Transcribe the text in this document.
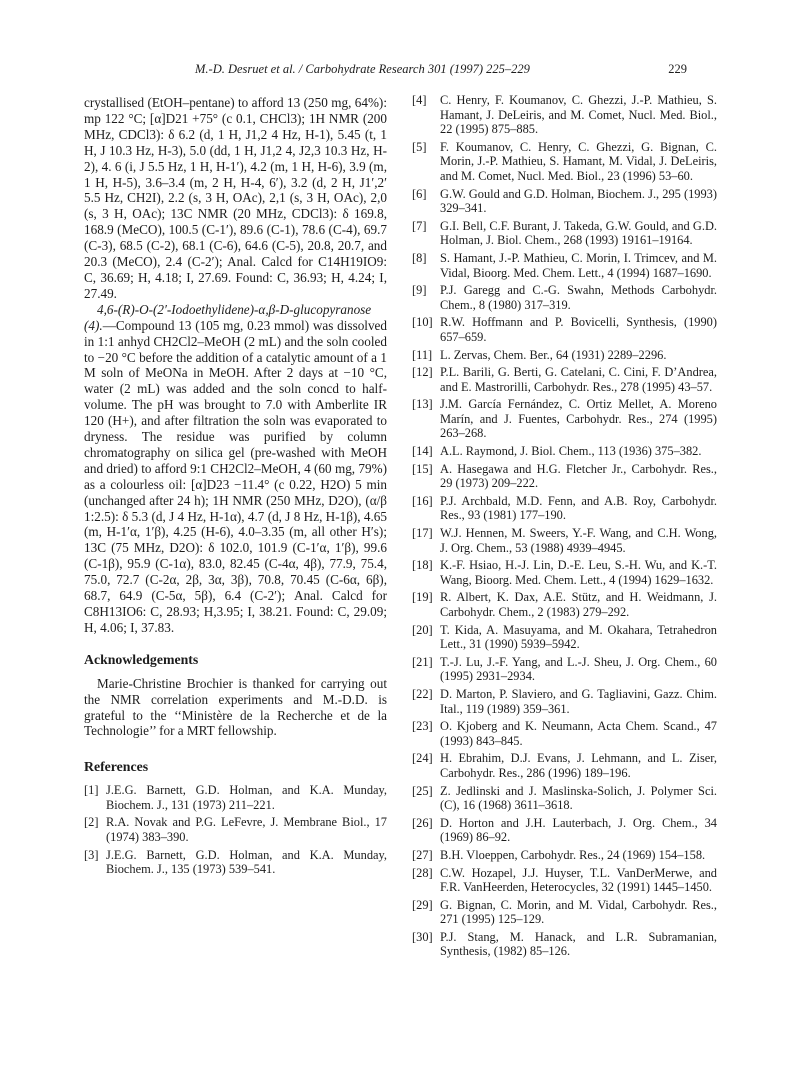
M.-D. Desruet et al. / Carbohydrate Research 301 (1997) 225–229	229

crystallised (EtOH–pentane) to afford 13 (250 mg, 64%): mp 122 °C; [α]D21 +75° (c 0.1, CHCl3); 1H NMR (200 MHz, CDCl3): δ 6.2 (d, 1 H, J1,2 4 Hz, H-1), 5.45 (t, 1 H, J 10.3 Hz, H-3), 5.0 (dd, 1 H, J1,2 4, J2,3 10.3 Hz, H-2), 4. 6 (i, J 5.5 Hz, 1 H, H-1′), 4.2 (m, 1 H, H-6), 3.9 (m, 1 H, H-5), 3.6–3.4 (m, 2 H, H-4, 6′), 3.2 (d, 2 H, J1′,2′ 5.5 Hz, CH2I), 2.2 (s, 3 H, OAc), 2,1 (s, 3 H, OAc), 2,0 (s, 3 H, OAc); 13C NMR (20 MHz, CDCl3): δ 169.8, 168.9 (MeCO), 100.5 (C-1′), 89.6 (C-1), 78.6 (C-4), 69.7 (C-3), 68.5 (C-2), 68.1 (C-6), 64.6 (C-5), 20.8, 20.7, and 20.3 (MeCO), 2.4 (C-2′); Anal. Calcd for C14H19IO9: C, 36.69; H, 4.18; I, 27.69. Found: C, 36.93; H, 4.24; I, 27.49.

4,6-(R)-O-(2′-Iodoethylidene)-α,β-D-glucopyranose (4).—Compound 13 (105 mg, 0.23 mmol) was dissolved in 1:1 anhyd CH2Cl2–MeOH (2 mL) and the soln cooled to −20 °C before the addition of a catalytic amount of a 1 M soln of MeONa in MeOH. After 2 days at −10 °C, water (2 mL) was added and the soln concd to half-volume. The pH was brought to 7.0 with Amberlite IR 120 (H+), and after filtration the soln was evaporated to dryness. The residue was purified by column chromatography on silica gel (pre-washed with MeOH and dried) to afford 9:1 CH2Cl2–MeOH, 4 (60 mg, 79%) as a colourless oil: [α]D23 −11.4° (c 0.22, H2O) 5 min (unchanged after 24 h); 1H NMR (250 MHz, D2O), (α/β 1:2.5): δ 5.3 (d, J 4 Hz, H-1α), 4.7 (d, J 8 Hz, H-1β), 4.65 (m, H-1′α, 1′β), 4.25 (H-6), 4.0–3.35 (m, all other H′s); 13C (75 MHz, D2O): δ 102.0, 101.9 (C-1′α, 1′β), 99.6 (C-1β), 95.9 (C-1α), 83.0, 82.45 (C-4α, 4β), 77.9, 75.4, 75.0, 72.7 (C-2α, 2β, 3α, 3β), 70.8, 70.45 (C-6α, 6β), 68.7, 64.9 (C-5α, 5β), 6.4 (C-2′); Anal. Calcd for C8H13IO6: C, 28.93; H,3.95; I, 38.21. Found: C, 29.09; H, 4.06; I, 37.83.

Acknowledgements

Marie-Christine Brochier is thanked for carrying out the NMR correlation experiments and M.-D.D. is grateful to the ‘‘Ministère de la Recherche et de la Technologie’’ for a MRT fellowship.

References

[1] J.E.G. Barnett, G.D. Holman, and K.A. Munday, Biochem. J., 131 (1973) 211–221.
[2] R.A. Novak and P.G. LeFevre, J. Membrane Biol., 17 (1974) 383–390.
[3] J.E.G. Barnett, G.D. Holman, and K.A. Munday, Biochem. J., 135 (1973) 539–541.
[4] C. Henry, F. Koumanov, C. Ghezzi, J.-P. Mathieu, S. Hamant, J. DeLeiris, and M. Comet, Nucl. Med. Biol., 22 (1995) 875–885.
[5] F. Koumanov, C. Henry, C. Ghezzi, G. Bignan, C. Morin, J.-P. Mathieu, S. Hamant, M. Vidal, J. DeLeiris, and M. Comet, Nucl. Med. Biol., 23 (1996) 53–60.
[6] G.W. Gould and G.D. Holman, Biochem. J., 295 (1993) 329–341.
[7] G.I. Bell, C.F. Burant, J. Takeda, G.W. Gould, and G.D. Holman, J. Biol. Chem., 268 (1993) 19161–19164.
[8] S. Hamant, J.-P. Mathieu, C. Morin, I. Trimcev, and M. Vidal, Bioorg. Med. Chem. Lett., 4 (1994) 1687–1690.
[9] P.J. Garegg and C.-G. Swahn, Methods Carbohydr. Chem., 8 (1980) 317–319.
[10] R.W. Hoffmann and P. Bovicelli, Synthesis, (1990) 657–659.
[11] L. Zervas, Chem. Ber., 64 (1931) 2289–2296.
[12] P.L. Barili, G. Berti, G. Catelani, C. Cini, F. D’Andrea, and E. Mastrorilli, Carbohydr. Res., 278 (1995) 43–57.
[13] J.M. García Fernández, C. Ortiz Mellet, A. Moreno Marín, and J. Fuentes, Carbohydr. Res., 274 (1995) 263–268.
[14] A.L. Raymond, J. Biol. Chem., 113 (1936) 375–382.
[15] A. Hasegawa and H.G. Fletcher Jr., Carbohydr. Res., 29 (1973) 209–222.
[16] P.J. Archbald, M.D. Fenn, and A.B. Roy, Carbohydr. Res., 93 (1981) 177–190.
[17] W.J. Hennen, M. Sweers, Y.-F. Wang, and C.H. Wong, J. Org. Chem., 53 (1988) 4939–4945.
[18] K.-F. Hsiao, H.-J. Lin, D.-E. Leu, S.-H. Wu, and K.-T. Wang, Bioorg. Med. Chem. Lett., 4 (1994) 1629–1632.
[19] R. Albert, K. Dax, A.E. Stütz, and H. Weidmann, J. Carbohydr. Chem., 2 (1983) 279–292.
[20] T. Kida, A. Masuyama, and M. Okahara, Tetrahedron Lett., 31 (1990) 5939–5942.
[21] T.-J. Lu, J.-F. Yang, and L.-J. Sheu, J. Org. Chem., 60 (1995) 2931–2934.
[22] D. Marton, P. Slaviero, and G. Tagliavini, Gazz. Chim. Ital., 119 (1989) 359–361.
[23] O. Kjoberg and K. Neumann, Acta Chem. Scand., 47 (1993) 843–845.
[24] H. Ebrahim, D.J. Evans, J. Lehmann, and L. Ziser, Carbohydr. Res., 286 (1996) 189–196.
[25] Z. Jedlinski and J. Maslinska-Solich, J. Polymer Sci. (C), 16 (1968) 3611–3618.
[26] D. Horton and J.H. Lauterbach, J. Org. Chem., 34 (1969) 86–92.
[27] B.H. Vloeppen, Carbohydr. Res., 24 (1969) 154–158.
[28] C.W. Hozapel, J.J. Huyser, T.L. VanDerMerwe, and F.R. VanHeerden, Heterocycles, 32 (1991) 1445–1450.
[29] G. Bignan, C. Morin, and M. Vidal, Carbohydr. Res., 271 (1995) 125–129.
[30] P.J. Stang, M. Hanack, and L.R. Subramanian, Synthesis, (1982) 85–126.
